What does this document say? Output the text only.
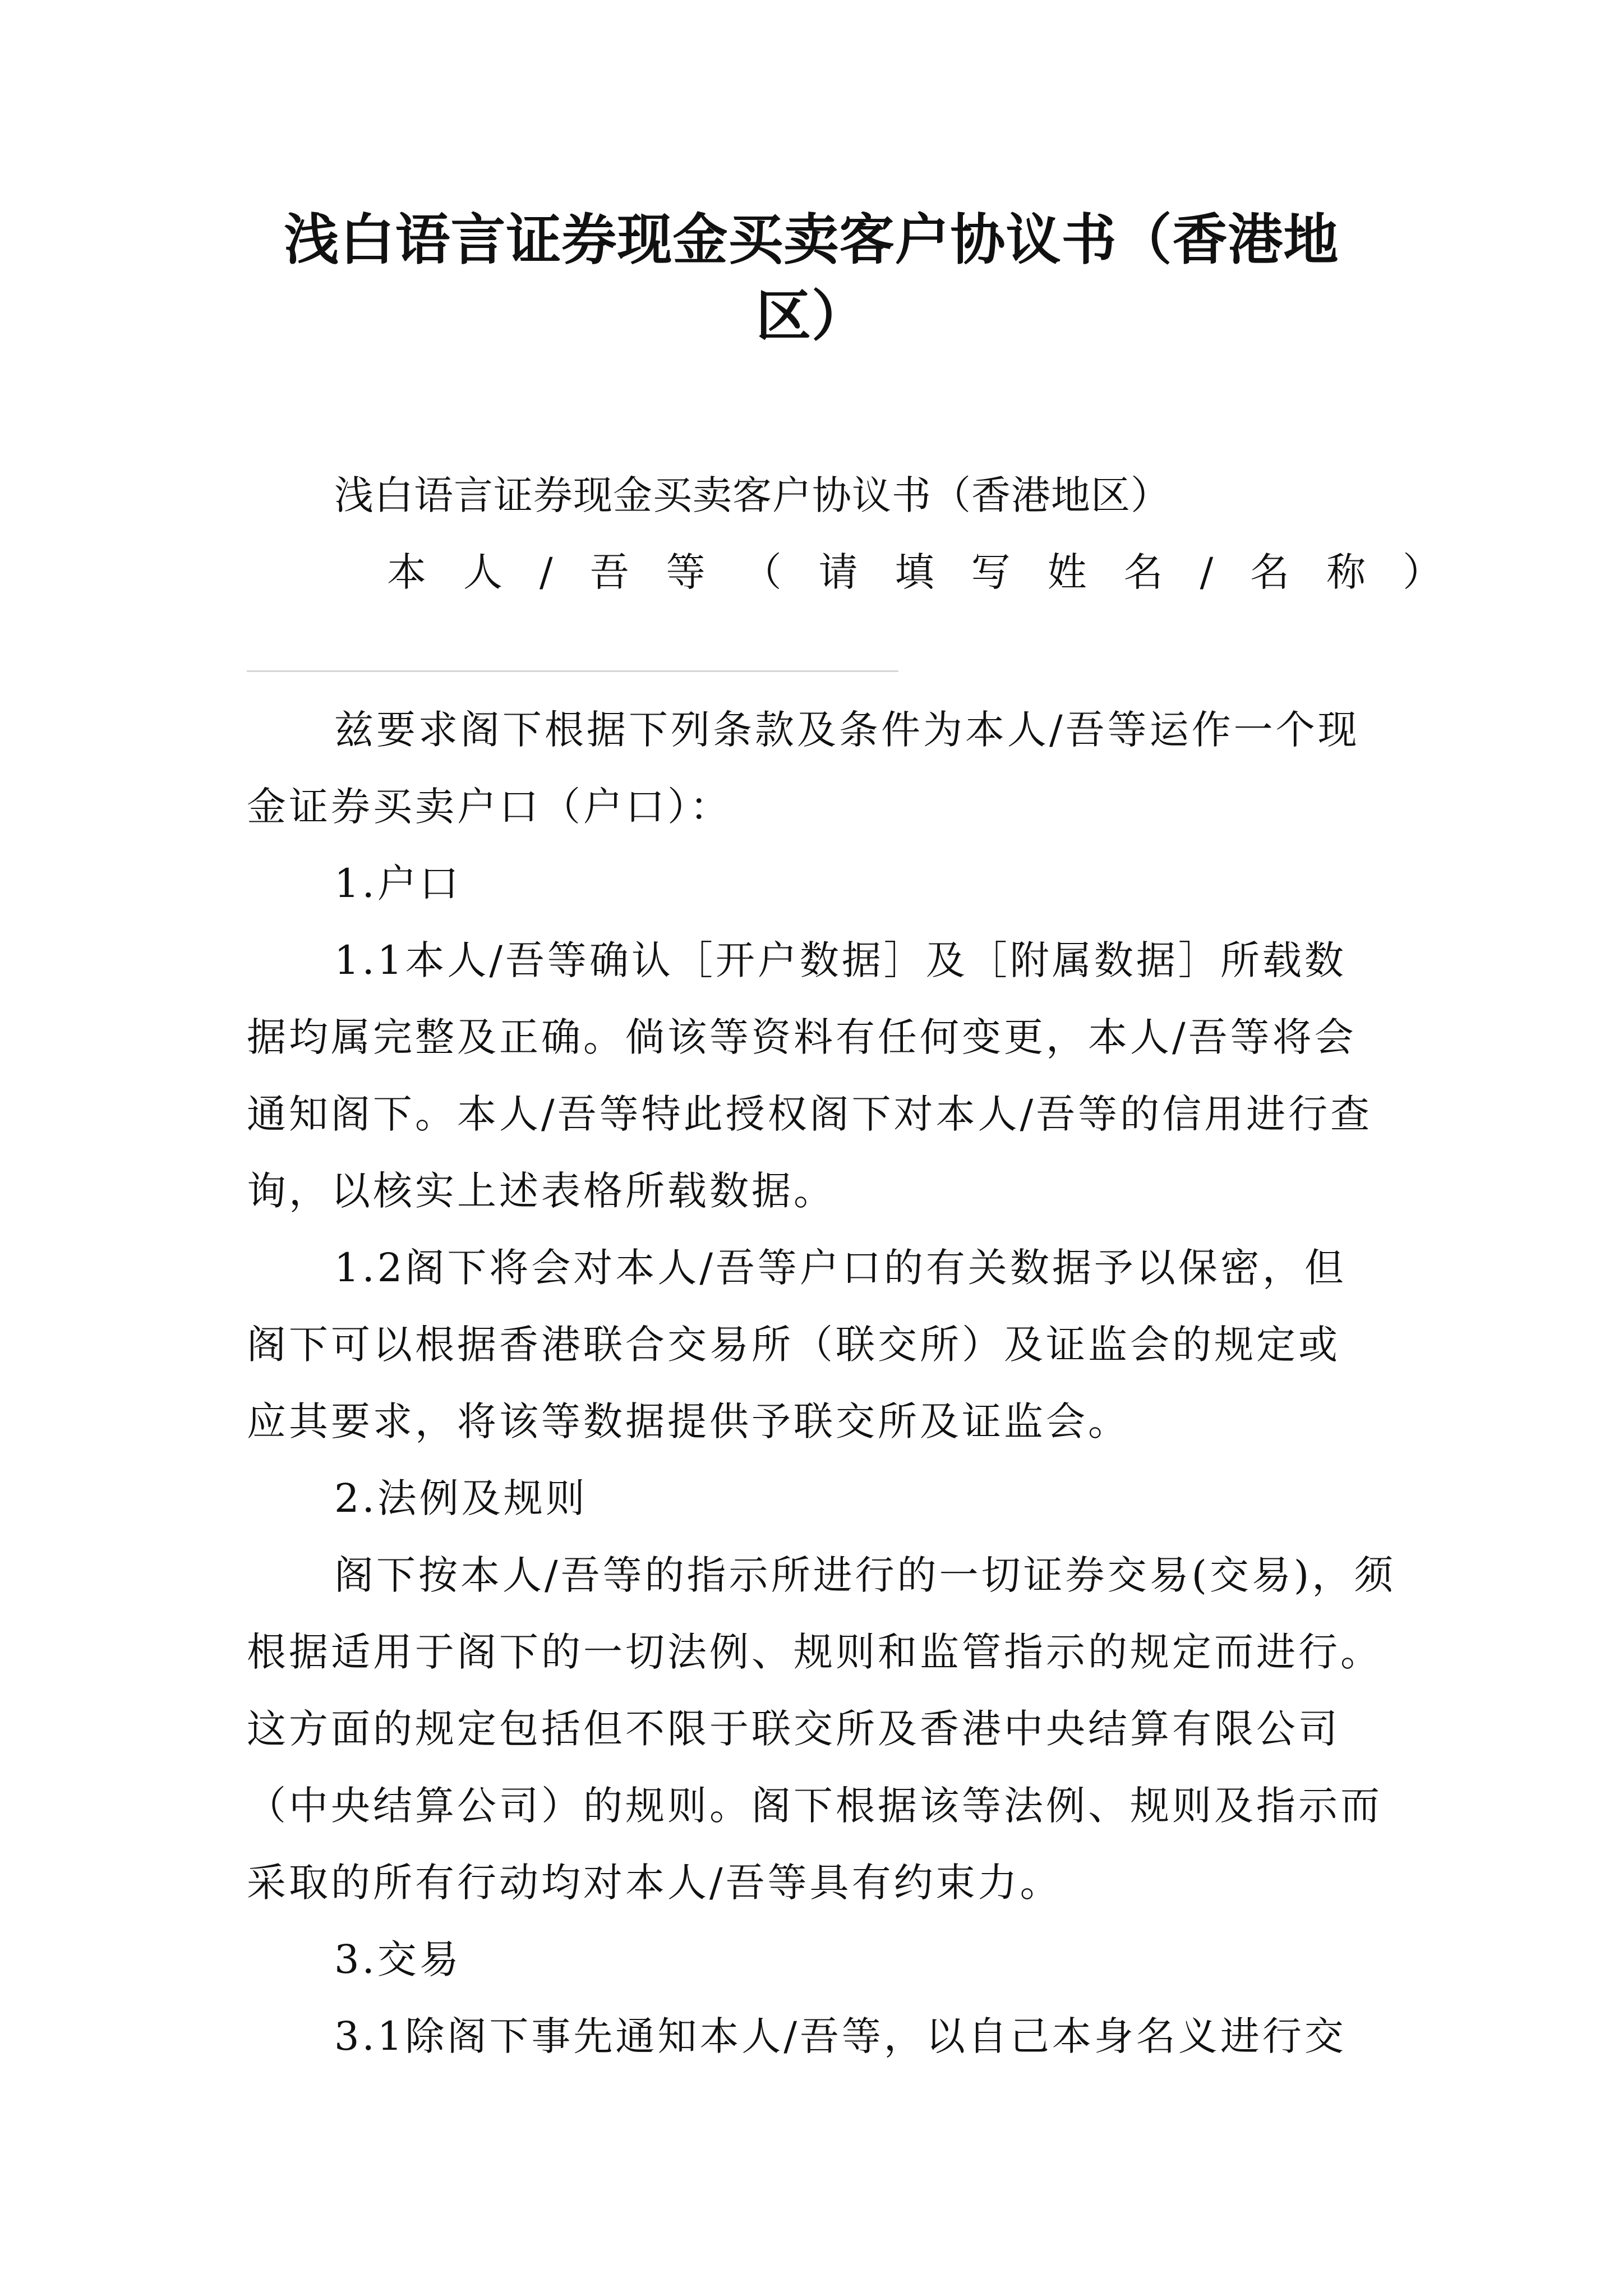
浅白语言证券现金买卖客户协议书（香港地区）

浅白语言证券现金买卖客户协议书（香港地区）

本人/吾等（请填写姓名/名称）

兹要求阁下根据下列条款及条件为本人/吾等运作一个现金证券买卖户口（户口）：

1.户口

1.1本人/吾等确认［开户数据］及［附属数据］所载数据均属完整及正确。倘该等资料有任何变更，本人/吾等将会通知阁下。本人/吾等特此授权阁下对本人/吾等的信用进行查询，以核实上述表格所载数据。

1.2阁下将会对本人/吾等户口的有关数据予以保密，但阁下可以根据香港联合交易所（联交所）及证监会的规定或应其要求，将该等数据提供予联交所及证监会。

2.法例及规则

阁下按本人/吾等的指示所进行的一切证券交易(交易)，须根据适用于阁下的一切法例、规则和监管指示的规定而进行。这方面的规定包括但不限于联交所及香港中央结算有限公司（中央结算公司）的规则。阁下根据该等法例、规则及指示而采取的所有行动均对本人/吾等具有约束力。

3.交易

3.1除阁下事先通知本人/吾等，以自己本身名义进行交
